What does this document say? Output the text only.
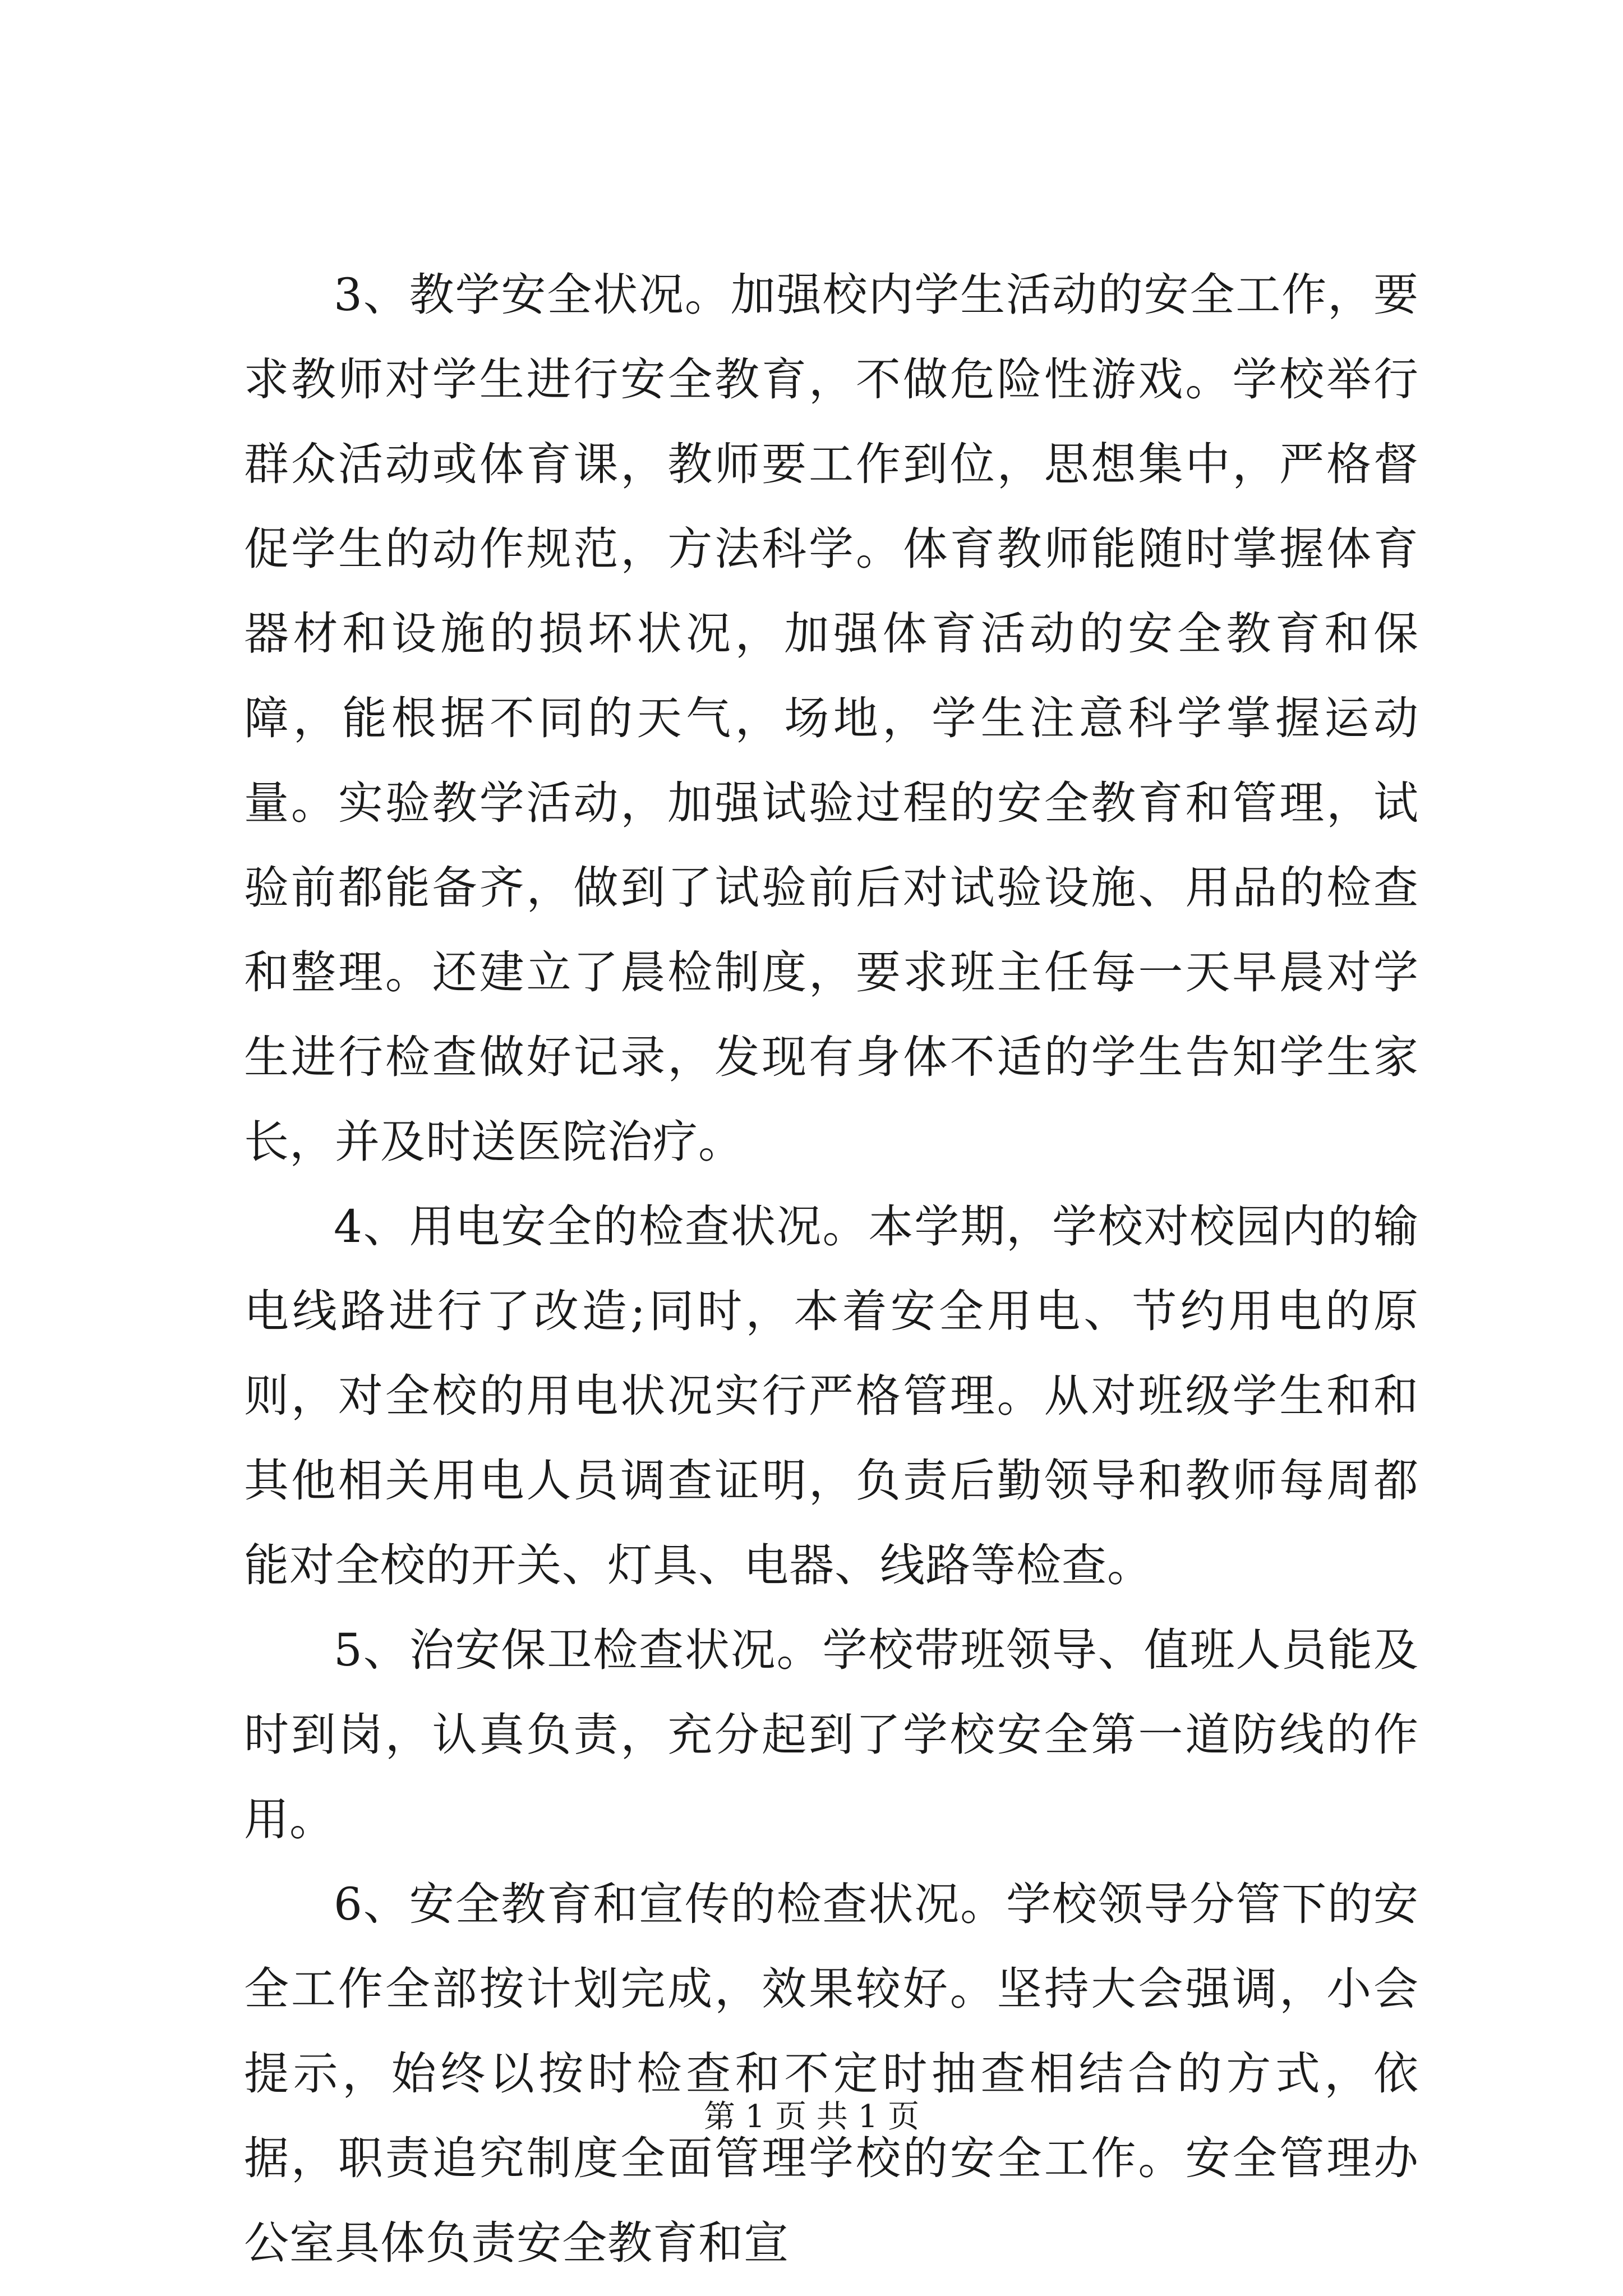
3、教学安全状况。加强校内学生活动的安全工作，要求教师对学生进行安全教育，不做危险性游戏。学校举行群众活动或体育课，教师要工作到位，思想集中，严格督促学生的动作规范，方法科学。体育教师能随时掌握体育器材和设施的损坏状况，加强体育活动的安全教育和保障，能根据不同的天气，场地，学生注意科学掌握运动量。实验教学活动，加强试验过程的安全教育和管理，试验前都能备齐，做到了试验前后对试验设施、用品的检查和整理。还建立了晨检制度，要求班主任每一天早晨对学生进行检查做好记录，发现有身体不适的学生告知学生家长，并及时送医院治疗。

4、用电安全的检查状况。本学期，学校对校园内的输电线路进行了改造;同时，本着安全用电、节约用电的原则，对全校的用电状况实行严格管理。从对班级学生和和其他相关用电人员调查证明，负责后勤领导和教师每周都能对全校的开关、灯具、电器、线路等检查。

5、治安保卫检查状况。学校带班领导、值班人员能及时到岗，认真负责，充分起到了学校安全第一道防线的作用。

6、安全教育和宣传的检查状况。学校领导分管下的安全工作全部按计划完成，效果较好。坚持大会强调，小会提示，始终以按时检查和不定时抽查相结合的方式，依据，职责追究制度全面管理学校的安全工作。安全管理办公室具体负责安全教育和宣

第 1 页 共 1 页
